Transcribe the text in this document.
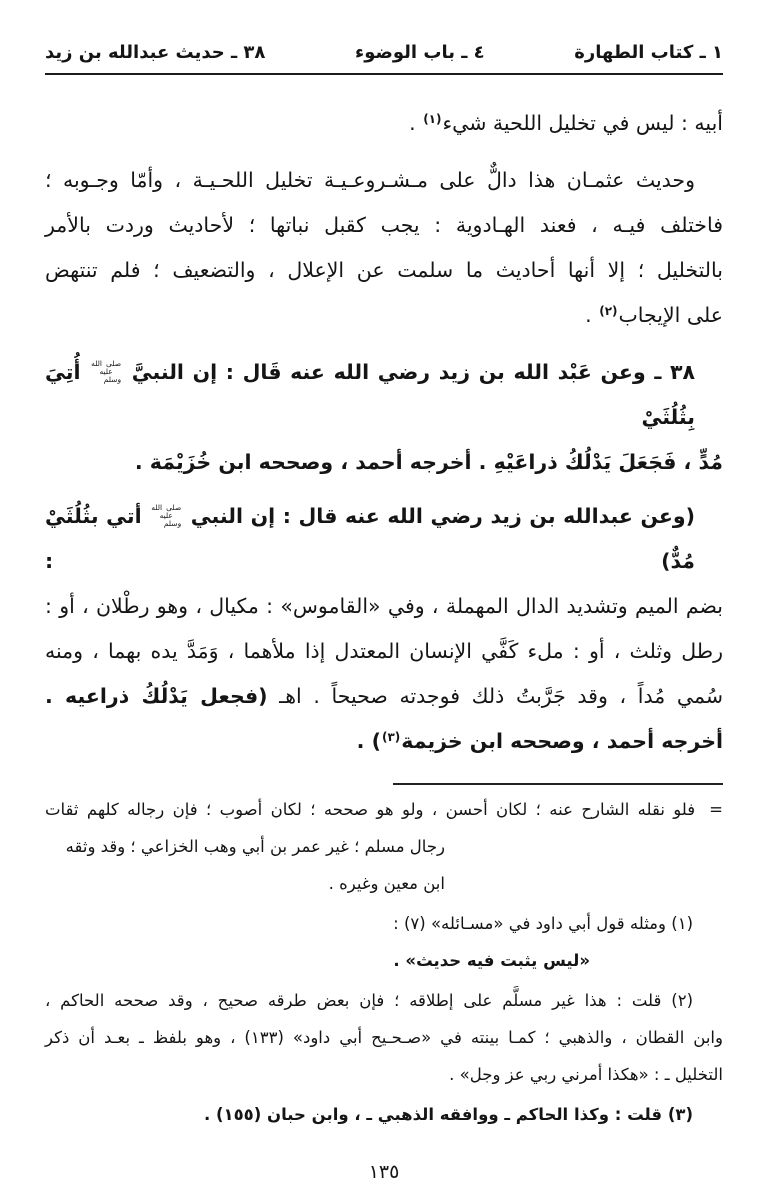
١ ـ كتاب الطهارة
٤ ـ باب الوضوء
٣٨ ـ حديث عبدالله بن زيد
أبيه : ليس في تخليل اللحية شيء$^{(١)}$ .
وحديث عثمـان هذا دالٌّ على مـشـروعـيـة تخليل اللحـيـة ، وأمّا وجـوبه ؛
فاختلف فيـه ، فعند الهـادوية : يجب كقبل نباتها ؛ لأحاديث وردت بالأمر
بالتخليل ؛ إلا أنها أحاديث ما سلمت عن الإعلال ، والتضعيف ؛ فلم تنتهض
على الإيجاب$^{(٢)}$ .
٣٨ ـ وعن عَبْد الله بن زيد رضي الله عنه قَال : إن النبيَّ
صلى الله
عليه وسلم
أُتِيَ بِثُلُثَيْ
مُدٍّ ، فَجَعَلَ يَدْلُكُ ذراعَيْهِ . أخرجه أحمد ، وصححه ابن خُزَيْمَة .
(وعن عبدالله بن زيد رضي الله عنه قال : إن النبي
صلى الله
عليه وسلم
أتي بثُلُثَيْ مُدٌّ) :
بضم الميم وتشديد الدال المهملة ، وفي «القاموس» : مكيال ، وهو رطْلان ، أو :
رطل وثلث ، أو : ملء كَفَّي الإنسان المعتدل إذا ملأهما ، وَمَدَّ يده بهما ، ومنه
سُمي مُداً ، وقد جَرَّبتُ ذلك فوجدته صحيحاً . اهـ (فجعل يَدْلُكُ ذراعيه .
أخرجه أحمد ، وصححه ابن خزيمة$^{(٣)}$) .
=فلو نقله الشارح عنه ؛ لكان أحسن ، ولو هو صححه ؛ لكان أصوب ؛ فإن رجاله كلهم ثقات
رجال مسلم ؛ غير عمر بن أبي وهب الخزاعي ؛ وقد وثقه ابن معين وغيره .
(١) ومثله قول أبي داود في «مسـائله» (٧) :
«ليس يثبت فيه حديث» .
(٢) قلت : هذا غير مسلَّم على إطلاقه ؛ فإن بعض طرقه صحيح ، وقد صححه الحاكم ،
وابن القطان ، والذهبي ؛ كمـا بينته في «صـحـيح أبي داود» (١٣٣) ، وهو بلفظ ـ بعـد أن ذكر
التخليل ـ : «هكذا أمرني ربي عز وجل» .
(٣) قلت : وكذا الحاكم ـ ووافقه الذهبي ـ ، وابن حبان (١٥٥) .
١٣٥
